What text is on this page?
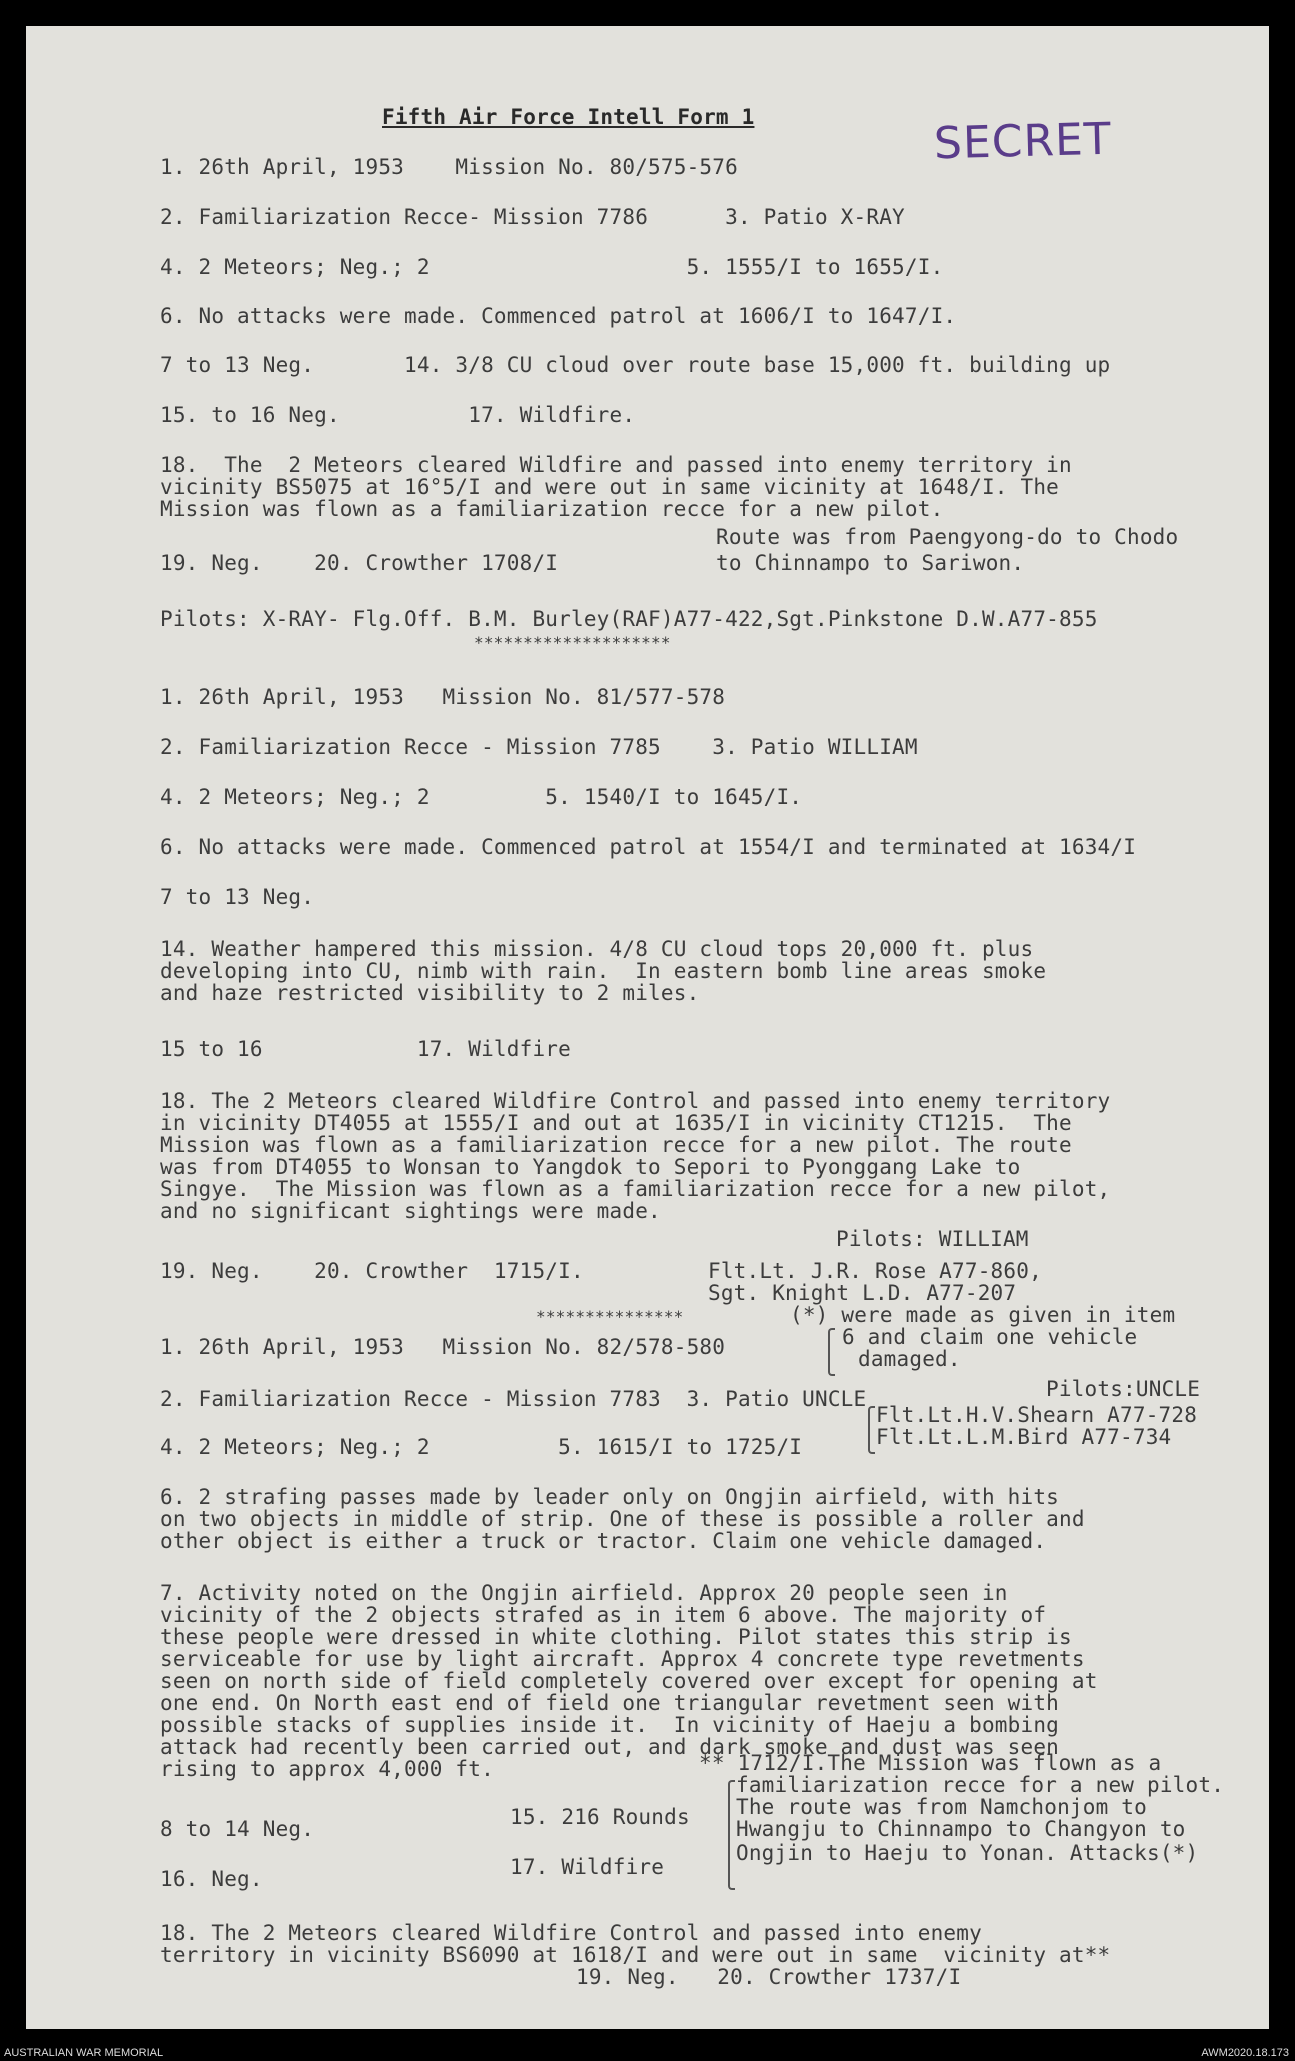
Fifth Air Force Intell Form 1	SECRET
1. 26th April, 1953    Mission No. 80/575-576
2. Familiarization Recce- Mission 7786      3. Patio X-RAY
4. 2 Meteors; Neg.; 2                    5. 1555/I to 1655/I.
6. No attacks were made. Commenced patrol at 1606/I to 1647/I.
7 to 13 Neg.       14. 3/8 CU cloud over route base 15,000 ft. building up
15. to 16 Neg.          17. Wildfire.
18.  The  2 Meteors cleared Wildfire and passed into enemy territory in
vicinity BS5075 at 16°5/I and were out in same vicinity at 1648/I. The
Mission was flown as a familiarization recce for a new pilot.
Route was from Paengyong-do to Chodo
19. Neg.    20. Crowther 1708/I	to Chinnampo to Sariwon.
Pilots: X-RAY- Flg.Off. B.M. Burley(RAF)A77-422,Sgt.Pinkstone D.W.A77-855
********************
1. 26th April, 1953   Mission No. 81/577-578
2. Familiarization Recce - Mission 7785    3. Patio WILLIAM
4. 2 Meteors; Neg.; 2         5. 1540/I to 1645/I.
6. No attacks were made. Commenced patrol at 1554/I and terminated at 1634/I
7 to 13 Neg.
14. Weather hampered this mission. 4/8 CU cloud tops 20,000 ft. plus
developing into CU, nimb with rain.  In eastern bomb line areas smoke
and haze restricted visibility to 2 miles.
15 to 16            17. Wildfire
18. The 2 Meteors cleared Wildfire Control and passed into enemy territory
in vicinity DT4055 at 1555/I and out at 1635/I in vicinity CT1215.  The
Mission was flown as a familiarization recce for a new pilot. The route
was from DT4055 to Wonsan to Yangdok to Sepori to Pyonggang Lake to
Singye.  The Mission was flown as a familiarization recce for a new pilot,
and no significant sightings were made.
Pilots: WILLIAM
19. Neg.    20. Crowther  1715/I.	Flt.Lt. J.R. Rose A77-860,
Sgt. Knight L.D. A77-207
***************	(*) were made as given in item
1. 26th April, 1953   Mission No. 82/578-580	6 and claim one vehicle
damaged.
2. Familiarization Recce - Mission 7783  3. Patio UNCLE	Pilots:UNCLE
Flt.Lt.H.V.Shearn A77-728
4. 2 Meteors; Neg.; 2          5. 1615/I to 1725/I	Flt.Lt.L.M.Bird A77-734
6. 2 strafing passes made by leader only on Ongjin airfield, with hits
on two objects in middle of strip. One of these is possible a roller and
other object is either a truck or tractor. Claim one vehicle damaged.
7. Activity noted on the Ongjin airfield. Approx 20 people seen in
vicinity of the 2 objects strafed as in item 6 above. The majority of
these people were dressed in white clothing. Pilot states this strip is
serviceable for use by light aircraft. Approx 4 concrete type revetments
seen on north side of field completely covered over except for opening at
one end. On North east end of field one triangular revetment seen with
possible stacks of supplies inside it.  In vicinity of Haeju a bombing
attack had recently been carried out, and dark smoke and dust was seen
rising to approx 4,000 ft.	** 1712/I.The Mission was flown as a
familiarization recce for a new pilot.
8 to 14 Neg.	15. 216 Rounds The route was from Namchonjom to
Hwangju to Chinnampo to Changyon to
16. Neg.	17. Wildfire
Ongjin to Haeju to Yonan. Attacks(*)
18. The 2 Meteors cleared Wildfire Control and passed into enemy
territory in vicinity BS6090 at 1618/I and were out in same  vicinity at**
19. Neg.   20. Crowther 1737/I
AUSTRALIAN WAR MEMORIAL	AWM2020.18.173
